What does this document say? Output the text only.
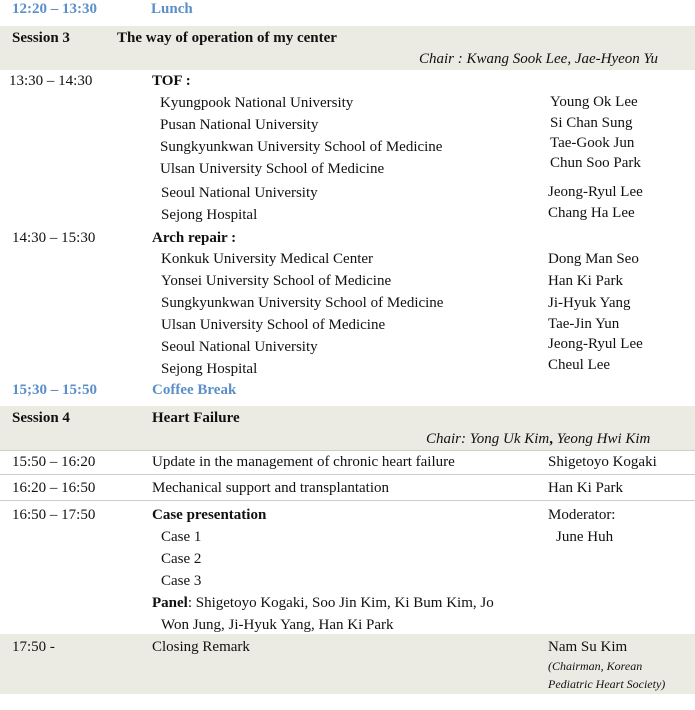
12:20 – 13:30	Lunch
Session 3	The way of operation of my center
Chair : Kwang Sook Lee, Jae-Hyeon Yu
13:30 – 14:30	TOF :
Kyungpook National University	Young Ok Lee
Pusan National University	Si Chan Sung
Sungkyunkwan University School of Medicine	Tae-Gook Jun
Ulsan University School of Medicine	Chun Soo Park
Seoul National University	Jeong-Ryul Lee
Sejong Hospital	Chang Ha Lee
14:30 – 15:30	Arch repair :
Konkuk University Medical Center	Dong Man Seo
Yonsei University School of Medicine	Han Ki Park
Sungkyunkwan University School of Medicine	Ji-Hyuk Yang
Ulsan University School of Medicine	Tae-Jin Yun
Seoul National University	Jeong-Ryul Lee
Sejong Hospital	Cheul Lee
15;30 – 15:50	Coffee Break
Session 4	Heart Failure
Chair: Yong Uk Kim, Yeong Hwi Kim
15:50 – 16:20	Update in the management of chronic heart failure	Shigetoyo Kogaki
16:20 – 16:50	Mechanical support and transplantation	Han Ki Park
16:50 – 17:50	Case presentation	Moderator:
June Huh
Case 1
Case 2
Case 3
Panel: Shigetoyo Kogaki, Soo Jin Kim, Ki Bum Kim, Jo
Won Jung, Ji-Hyuk Yang, Han Ki Park
17:50 -	Closing Remark	Nam Su Kim
(Chairman, Korean
Pediatric Heart Society)
